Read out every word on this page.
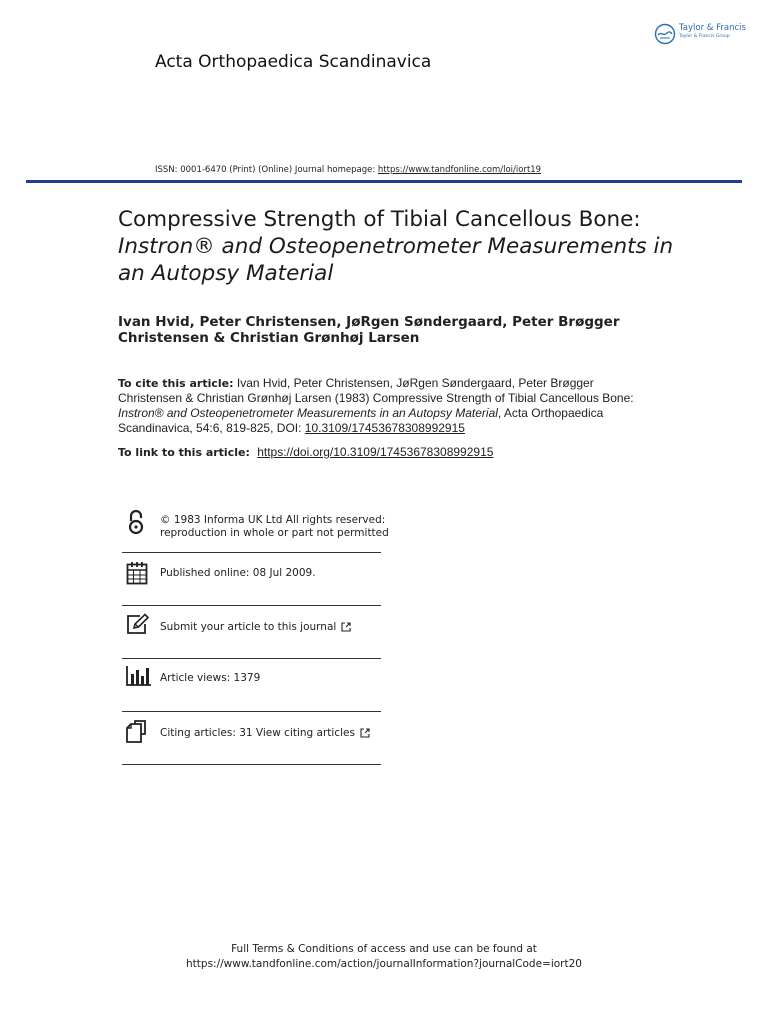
Taylor & Francis
Taylor & Francis Group
Acta Orthopaedica Scandinavica
ISSN: 0001-6470 (Print) (Online) Journal homepage: https://www.tandfonline.com/loi/iort19
Compressive Strength of Tibial Cancellous Bone:
Instron® and Osteopenetrometer Measurements in an Autopsy Material
Ivan Hvid, Peter Christensen, JøRgen Søndergaard, Peter Brøgger Christensen & Christian Grønhøj Larsen
To cite this article: Ivan Hvid, Peter Christensen, JøRgen Søndergaard, Peter Brøgger Christensen & Christian Grønhøj Larsen (1983) Compressive Strength of Tibial Cancellous Bone: Instron® and Osteopenetrometer Measurements in an Autopsy Material, Acta Orthopaedica Scandinavica, 54:6, 819-825, DOI: 10.3109/17453678308992915
To link to this article: https://doi.org/10.3109/17453678308992915
© 1983 Informa UK Ltd All rights reserved:
reproduction in whole or part not permitted
Published online: 08 Jul 2009.
Submit your article to this journal
Article views: 1379
Citing articles: 31 View citing articles
Full Terms & Conditions of access and use can be found at
https://www.tandfonline.com/action/journalInformation?journalCode=iort20
